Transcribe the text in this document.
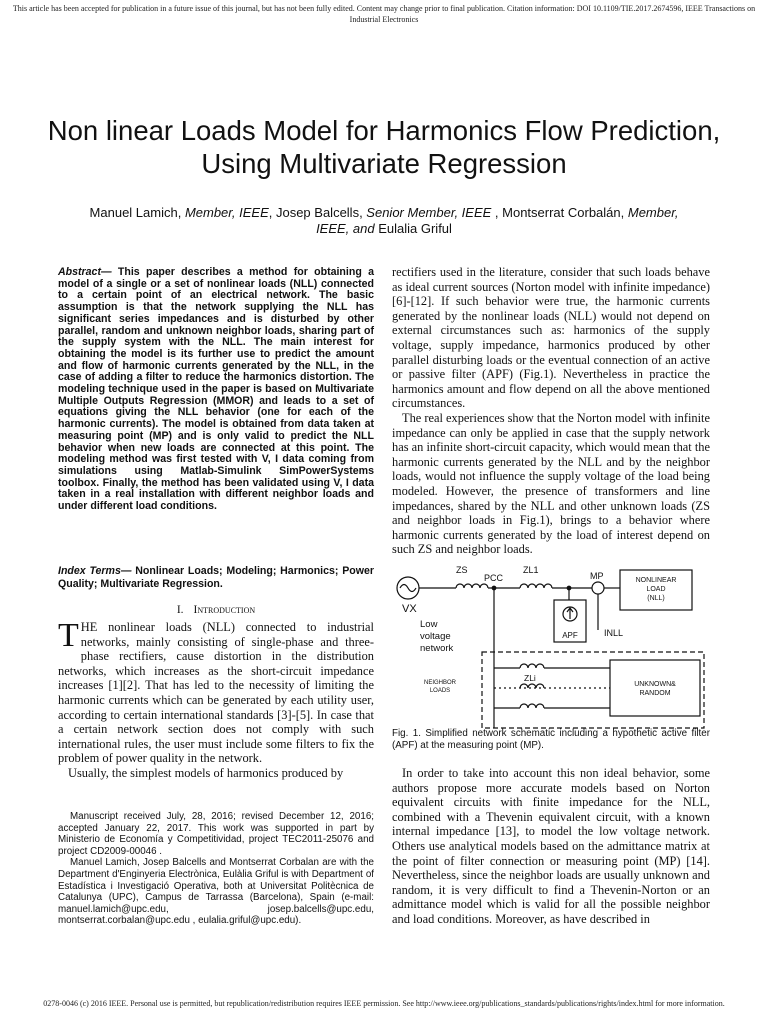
This article has been accepted for publication in a future issue of this journal, but has not been fully edited. Content may change prior to final publication. Citation information: DOI 10.1109/TIE.2017.2674596, IEEE Transactions on Industrial Electronics
Non linear Loads Model for Harmonics Flow Prediction, Using Multivariate Regression
Manuel Lamich, Member, IEEE, Josep Balcells, Senior Member, IEEE , Montserrat Corbalán, Member, IEEE, and Eulalia Griful
Abstract— This paper describes a method for obtaining a model of a single or a set of nonlinear loads (NLL) connected to a certain point of an electrical network. The basic assumption is that the network supplying the NLL has significant series impedances and is disturbed by other parallel, random and unknown neighbor loads, sharing part of the supply system with the NLL. The main interest for obtaining the model is its further use to predict the amount and flow of harmonic currents generated by the NLL, in the case of adding a filter to reduce the harmonics distortion. The modeling technique used in the paper is based on Multivariate Multiple Outputs Regression (MMOR) and leads to a set of equations giving the NLL behavior (one for each of the harmonic currents). The model is obtained from data taken at measuring point (MP) and is only valid to predict the NLL behavior when new loads are connected at this point. The modeling method was first tested with V, I data coming from simulations using Matlab-Simulink SimPowerSystems toolbox. Finally, the method has been validated using V, I data taken in a real installation with different neighbor loads and under different load conditions.
Index Terms— Nonlinear Loads; Modeling; Harmonics; Power Quality; Multivariate Regression.
I. Introduction
THE nonlinear loads (NLL) connected to industrial networks, mainly consisting of single-phase and three-phase rectifiers, cause distortion in the distribution networks, which increases as the short-circuit impedance increases [1][2]. That has led to the necessity of limiting the harmonic currents which can be generated by each utility user, according to certain international standards [3]-[5]. In case that a certain network section does not comply with such international rules, the user must include some filters to fix the problem of power quality in the network.
Usually, the simplest models of harmonics produced by

Manuscript received July, 28, 2016; revised December 12, 2016; accepted January 22, 2017. This work was supported in part by Ministerio de Economía y Competitividad, project TEC2011-25076 and project CD2009-00046 .

Manuel Lamich, Josep Balcells and Montserrat Corbalan are with the Department d'Enginyeria Electrònica, Eulàlia Griful is with Department of Estadística i Investigació Operativa, both at Universitat Politècnica de Catalunya (UPC), Campus de Tarrassa (Barcelona), Spain (e-mail: manuel.lamich@upc.edu, josep.balcells@upc.edu, montserrat.corbalan@upc.edu , eulalia.griful@upc.edu).

rectifiers used in the literature, consider that such loads behave as ideal current sources (Norton model with infinite impedance) [6]-[12]. If such behavior were true, the harmonic currents generated by the nonlinear loads (NLL) would not depend on external circumstances such as: harmonics of the supply voltage, supply impedance, harmonics produced by other parallel disturbing loads or the eventual connection of an active or passive filter (APF) (Fig.1). Nevertheless in practice the harmonics amount and flow depend on all the above mentioned circumstances.

The real experiences show that the Norton model with infinite impedance can only be applied in case that the supply network has an infinite short-circuit capacity, which would mean that the harmonic currents generated by the NLL and by the neighbor loads, would not influence the supply voltage of the load being modeled. However, the presence of transformers and line impedances, shared by the NLL and other unknown loads (ZS and neighbor loads in Fig.1), brings to a behavior where harmonic currents generated by the load of interest depend on such ZS and neighbor loads.

ZS
PCC
ZL1
MP	NONLINEAR
LOAD
(NLL)
VX
Low
voltage
network
APF	INLL
ZLi
NEIGHBOR
LOADS
UNKNOWN&
RANDOM
Fig. 1. Simplified network schematic including a hypothetic active filter (APF) at the measuring point (MP).

In order to take into account this non ideal behavior, some authors propose more accurate models based on Norton equivalent circuits with finite impedance for the NLL, combined with a Thevenin equivalent circuit, with a known internal impedance [13], to model the low voltage network. Others use analytical models based on the admittance matrix at the point of filter connection or measuring point (MP) [14]. Nevertheless, since the neighbor loads are usually unknown and random, it is very difficult to find a Thevenin-Norton or an admittance model which is valid for all the possible neighbor and load conditions. Moreover, as have described in

0278-0046 (c) 2016 IEEE. Personal use is permitted, but republication/redistribution requires IEEE permission. See http://www.ieee.org/publications_standards/publications/rights/index.html for more information.
